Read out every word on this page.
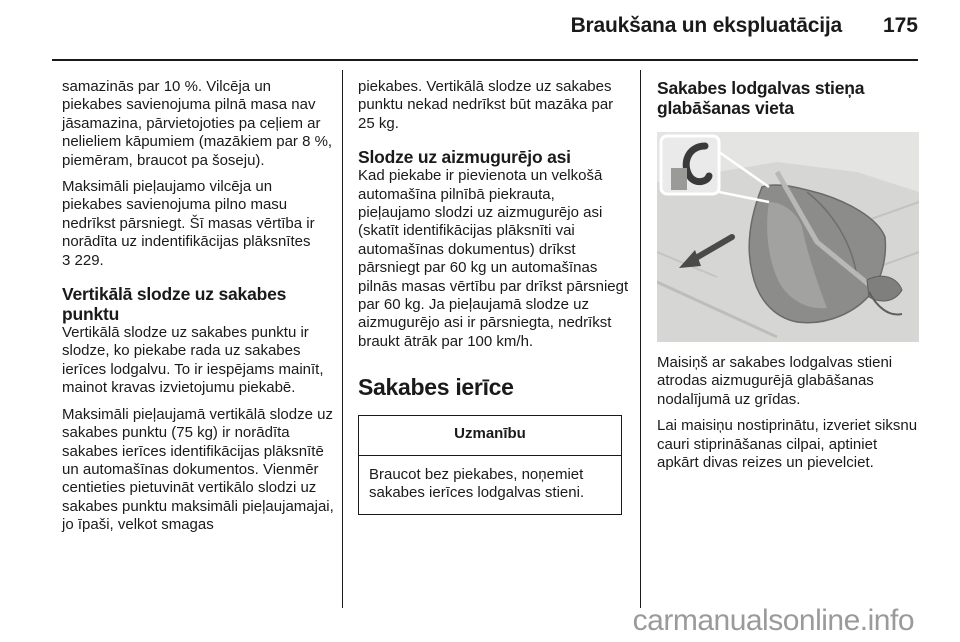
Braukšana un ekspluatācija 175

samazinās par 10 %. Vilcēja un piekabes savienojuma pilnā masa nav jāsamazina, pārvietojoties pa ceļiem ar nelieliem kāpumiem (mazākiem par 8 %, piemēram, braucot pa šoseju).

Maksimāli pieļaujamo vilcēja un piekabes savienojuma pilno masu nedrīkst pārsniegt. Šī masas vērtība ir norādīta uz indentifikācijas plāksnītes
3 229.

Vertikālā slodze uz sakabes punktu

Vertikālā slodze uz sakabes punktu ir slodze, ko piekabe rada uz sakabes ierīces lodgalvu. To ir iespējams mainīt, mainot kravas izvietojumu piekabē.

Maksimāli pieļaujamā vertikālā slodze uz sakabes punktu (75 kg) ir norādīta sakabes ierīces identifikācijas plāksnītē un automašīnas dokumentos. Vienmēr centieties pietuvināt vertikālo slodzi uz sakabes punktu maksimāli pieļaujamajai, jo īpaši, velkot smagas

piekabes. Vertikālā slodze uz sakabes punktu nekad nedrīkst būt mazāka par 25 kg.

Slodze uz aizmugurējo asi

Kad piekabe ir pievienota un velkošā automašīna pilnībā piekrauta, pieļaujamo slodzi uz aizmugurējo asi (skatīt identifikācijas plāksnīti vai automašīnas dokumentus) drīkst pārsniegt par 60 kg un automašīnas pilnās masas vērtību par drīkst pārsniegt par 60 kg. Ja pieļaujamā slodze uz aizmugurējo asi ir pārsniegta, nedrīkst braukt ātrāk par 100 km/h.

Sakabes ierīce
Uzmanību
Braucot bez piekabes, noņemiet sakabes ierīces lodgalvas stieni.
Sakabes lodgalvas stieņa glabāšanas vieta

Maisiņš ar sakabes lodgalvas stieni atrodas aizmugurējā glabāšanas nodalījumā uz grīdas.

Lai maisiņu nostiprinātu, izveriet siksnu cauri stiprināšanas cilpai, aptiniet apkārt divas reizes un pievelciet.

carmanualsonline.info
